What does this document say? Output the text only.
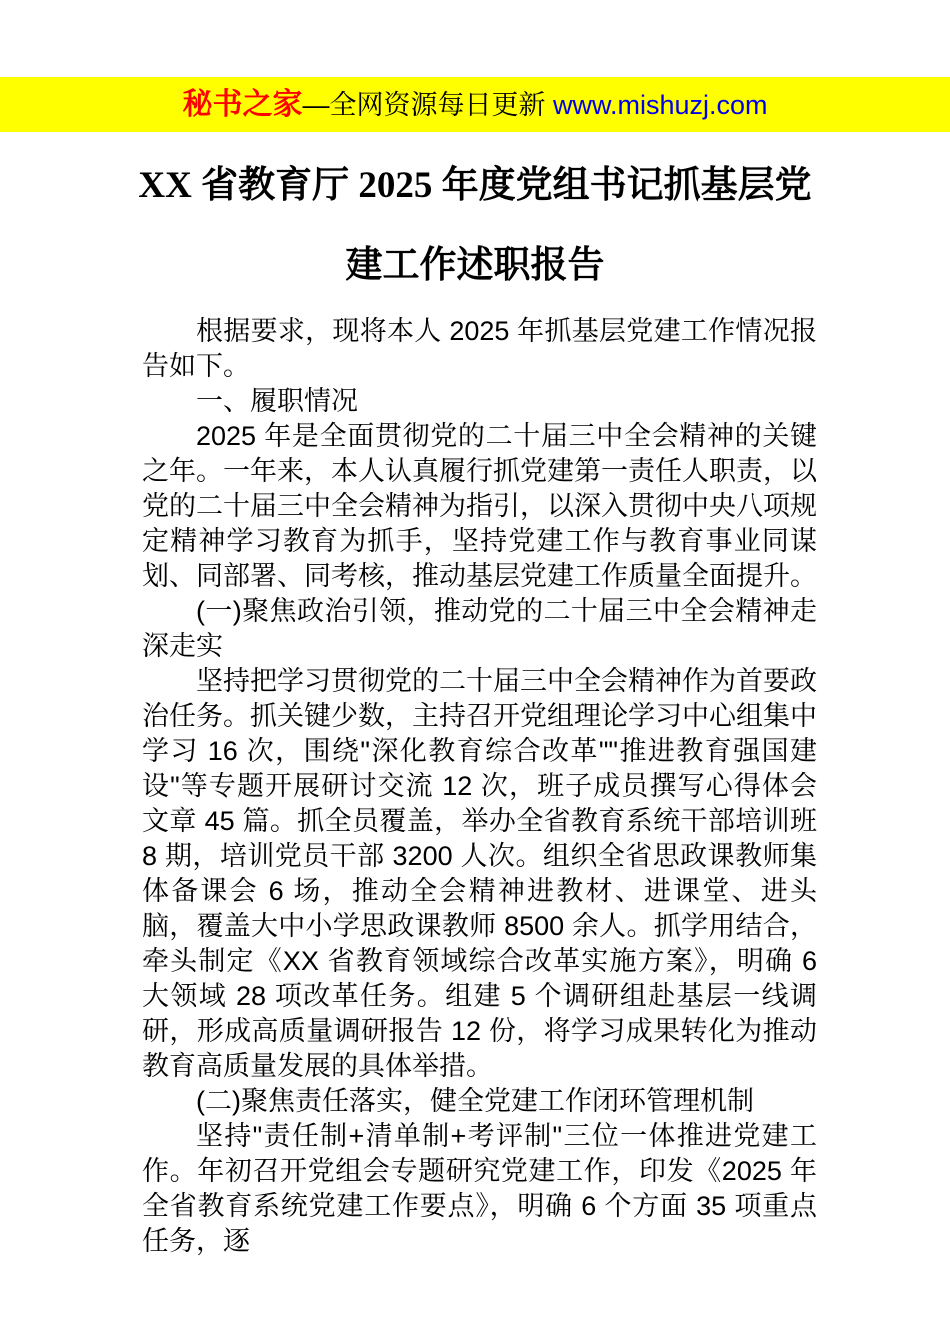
秘书之家—全网资源每日更新 www.mishuzj.com
XX 省教育厅 2025 年度党组书记抓基层党
建工作述职报告

根据要求，现将本人 2025 年抓基层党建工作情况报告如下。

一、履职情况

2025 年是全面贯彻党的二十届三中全会精神的关键之年。一年来，本人认真履行抓党建第一责任人职责，以党的二十届三中全会精神为指引，以深入贯彻中央八项规定精神学习教育为抓手，坚持党建工作与教育事业同谋划、同部署、同考核，推动基层党建工作质量全面提升。

(一)聚焦政治引领，推动党的二十届三中全会精神走深走实

坚持把学习贯彻党的二十届三中全会精神作为首要政治任务。抓关键少数，主持召开党组理论学习中心组集中学习 16 次，围绕"深化教育综合改革""推进教育强国建设"等专题开展研讨交流 12 次，班子成员撰写心得体会文章 45 篇。抓全员覆盖，举办全省教育系统干部培训班 8 期，培训党员干部 3200 人次。组织全省思政课教师集体备课会 6 场，推动全会精神进教材、进课堂、进头脑，覆盖大中小学思政课教师 8500 余人。抓学用结合，牵头制定《XX 省教育领域综合改革实施方案》，明确 6 大领域 28 项改革任务。组建 5 个调研组赴基层一线调研，形成高质量调研报告 12 份，将学习成果转化为推动教育高质量发展的具体举措。

(二)聚焦责任落实，健全党建工作闭环管理机制

坚持"责任制+清单制+考评制"三位一体推进党建工作。年初召开党组会专题研究党建工作，印发《2025 年全省教育系统党建工作要点》，明确 6 个方面 35 项重点任务，逐
